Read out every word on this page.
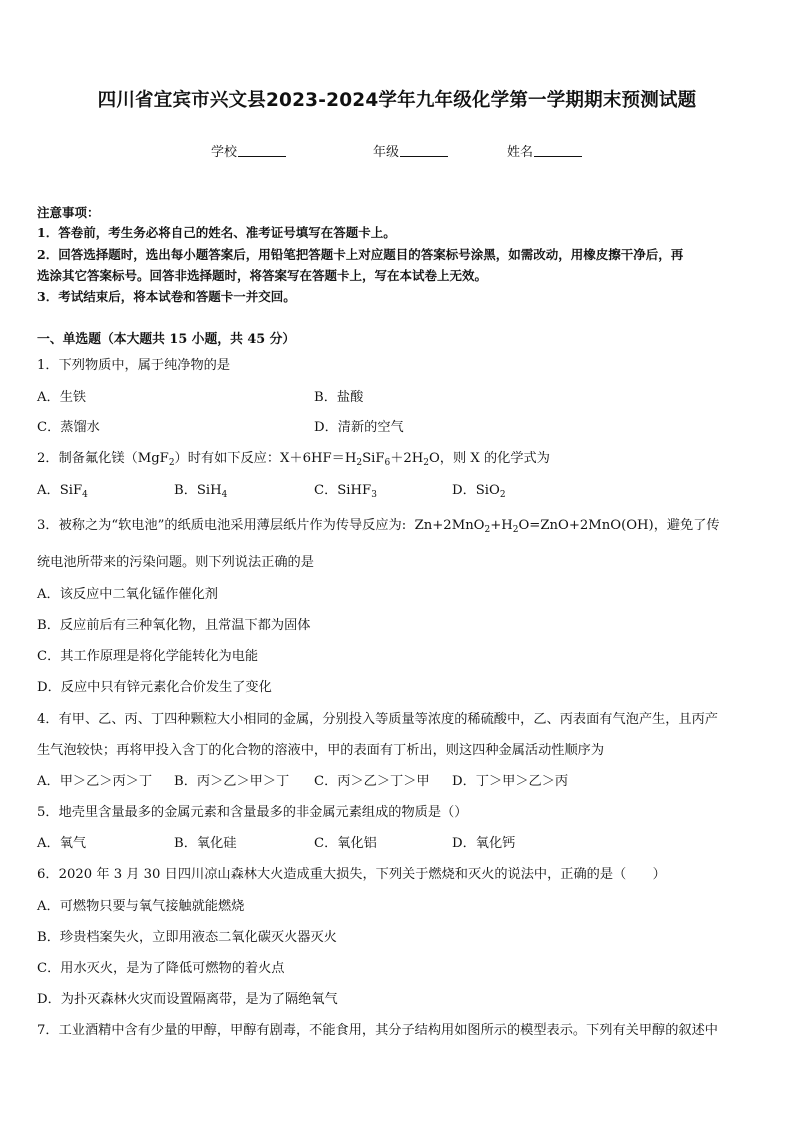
四川省宜宾市兴文县2023-2024学年九年级化学第一学期期末预测试题
学校	年级	姓名
注意事项：
1．答卷前，考生务必将自己的姓名、准考证号填写在答题卡上。
2．回答选择题时，选出每小题答案后，用铅笔把答题卡上对应题目的答案标号涂黑，如需改动，用橡皮擦干净后，再
选涂其它答案标号。回答非选择题时，将答案写在答题卡上，写在本试卷上无效。
3．考试结束后，将本试卷和答题卡一并交回。
一、单选题（本大题共 15 小题，共 45 分）
1．下列物质中，属于纯净物的是
A．生铁	B．盐酸
C．蒸馏水	D．清新的空气
2．制备氟化镁（MgF$_2$）时有如下反应：$X+6HF=H_2SiF_6+2H_2O$，则 X 的化学式为
A．SiF$_4$	B．SiH$_4$	C．SiHF$_3$	D．SiO$_2$
3．被称之为“软电池”的纸质电池采用薄层纸片作为传导反应为: $Zn+2MnO_2+H_2O=ZnO+2MnO(OH)$，避免了传
统电池所带来的污染问题。则下列说法正确的是
A．该反应中二氧化锰作催化剂
B．反应前后有三种氧化物，且常温下都为固体
C．其工作原理是将化学能转化为电能
D．反应中只有锌元素化合价发生了变化
4．有甲、乙、丙、丁四种颗粒大小相同的金属，分别投入等质量等浓度的稀硫酸中，乙、丙表面有气泡产生，且丙产
生气泡较快；再将甲投入含丁的化合物的溶液中，甲的表面有丁析出，则这四种金属活动性顺序为
A．甲＞乙＞丙＞丁 B．丙＞乙＞甲＞丁 C．丙＞乙＞丁＞甲 D．丁＞甲＞乙＞丙
5．地壳里含量最多的金属元素和含量最多的非金属元素组成的物质是（）
A．氧气	B．氧化硅	C．氧化铝	D．氧化钙
6．2020 年 3 月 30 日四川凉山森林大火造成重大损失，下列关于燃烧和灭火的说法中，正确的是（　　）
A．可燃物只要与氧气接触就能燃烧
B．珍贵档案失火，立即用液态二氧化碳灭火器灭火
C．用水灭火，是为了降低可燃物的着火点
D．为扑灭森林火灾而设置隔离带，是为了隔绝氧气
7．工业酒精中含有少量的甲醇，甲醇有剧毒，不能食用，其分子结构用如图所示的模型表示。下列有关甲醇的叙述中
